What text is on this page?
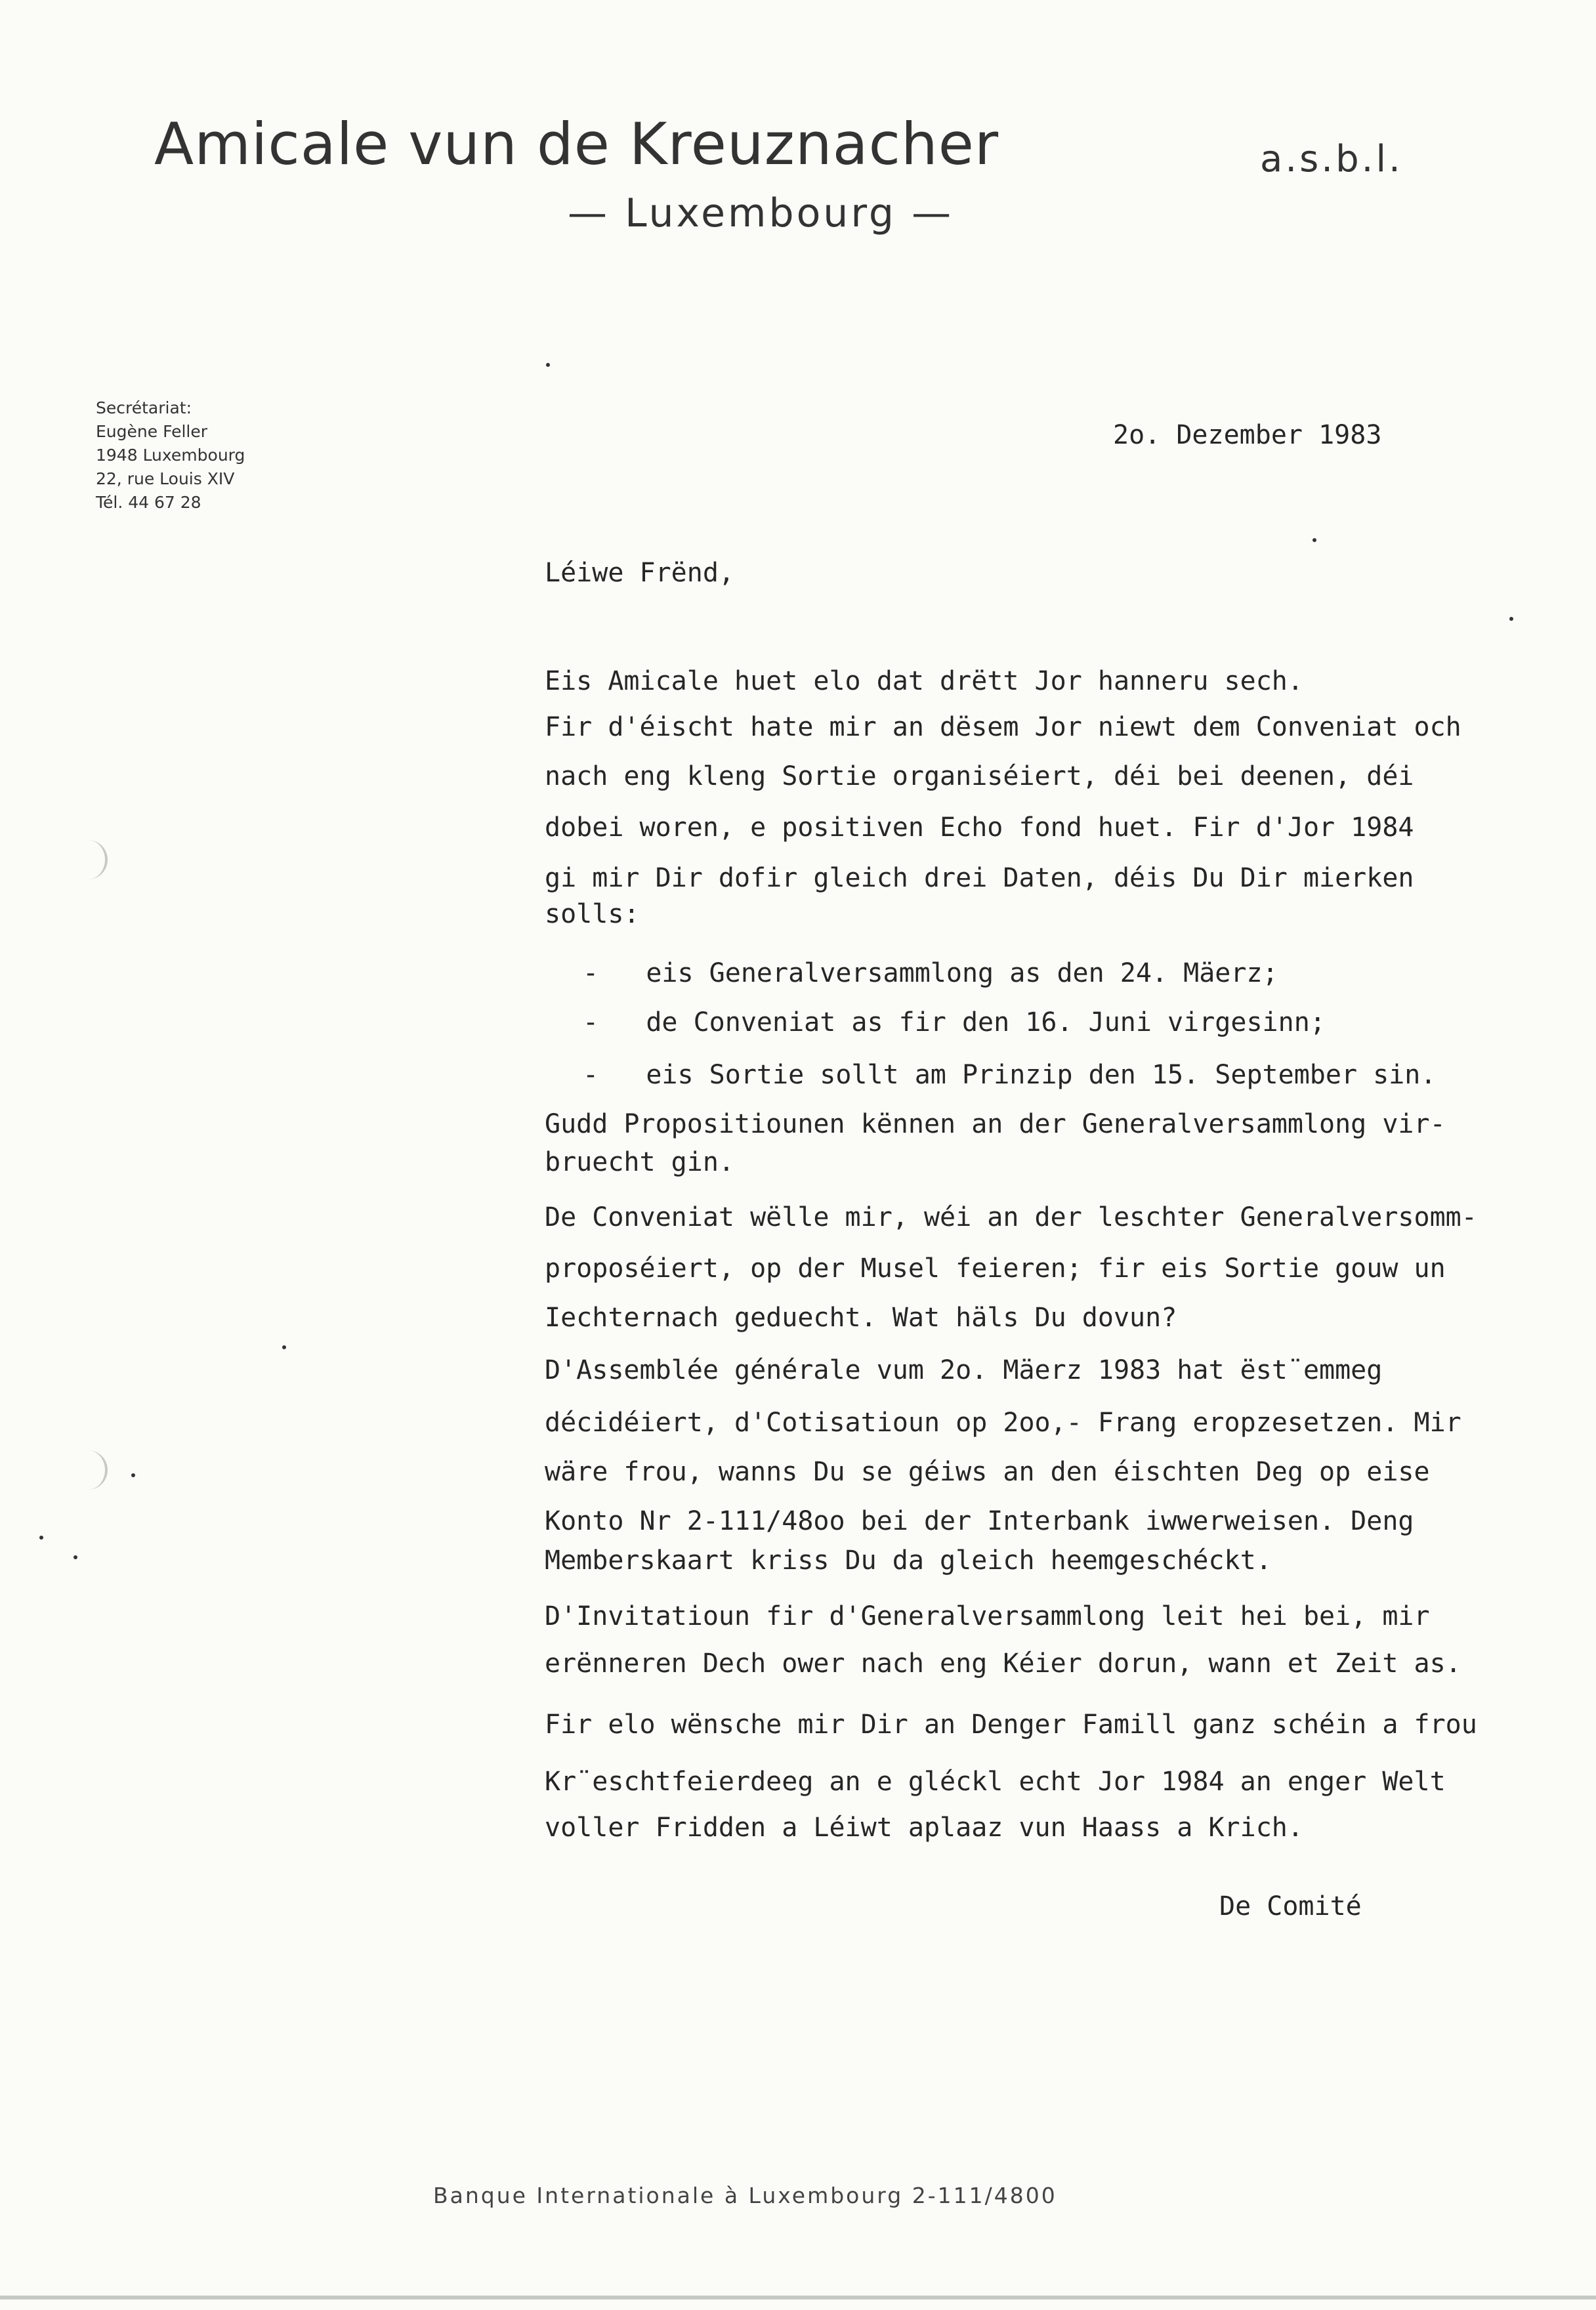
Amicale vun de Kreuznacher	a.s.b.l.
— Luxembourg —
Secrétariat:
Eugène Feller
1948 Luxembourg
22, rue Louis XIV
Tél. 44 67 28
2o. Dezember 1983
Léiwe Frënd,
Eis Amicale huet elo dat drëtt Jor hanneru sech.
Fir d'éischt hate mir an dësem Jor niewt dem Conveniat och
nach eng kleng Sortie organiséiert, déi bei deenen, déi
dobei woren, e positiven Echo fond huet. Fir d'Jor 1984
gi mir Dir dofir gleich drei Daten, déis Du Dir mierken
solls:
-   eis Generalversammlong as den 24. Mäerz;
-   de Conveniat as fir den 16. Juni virgesinn;
-   eis Sortie sollt am Prinzip den 15. September sin.
Gudd Propositiounen kënnen an der Generalversammlong vir-
bruecht gin.
De Conveniat wëlle mir, wéi an der leschter Generalversomm-
proposéiert, op der Musel feieren; fir eis Sortie gouw un
Iechternach geduecht. Wat häls Du dovun?
D'Assemblée générale vum 2o. Mäerz 1983 hat ëst¨emmeg
décidéiert, d'Cotisatioun op 2oo,- Frang eropzesetzen. Mir
wäre frou, wanns Du se géiws an den éischten Deg op eise
Konto Nr 2-111/48oo bei der Interbank iwwerweisen. Deng
Memberskaart kriss Du da gleich heemgeschéckt.
D'Invitatioun fir d'Generalversammlong leit hei bei, mir
erënneren Dech ower nach eng Kéier dorun, wann et Zeit as.
Fir elo wënsche mir Dir an Denger Famill ganz schéin a frou
Kr¨eschtfeierdeeg an e gléckl echt Jor 1984 an enger Welt
voller Fridden a Léiwt aplaaz vun Haass a Krich.
De Comité
Banque Internationale à Luxembourg 2-111/4800
